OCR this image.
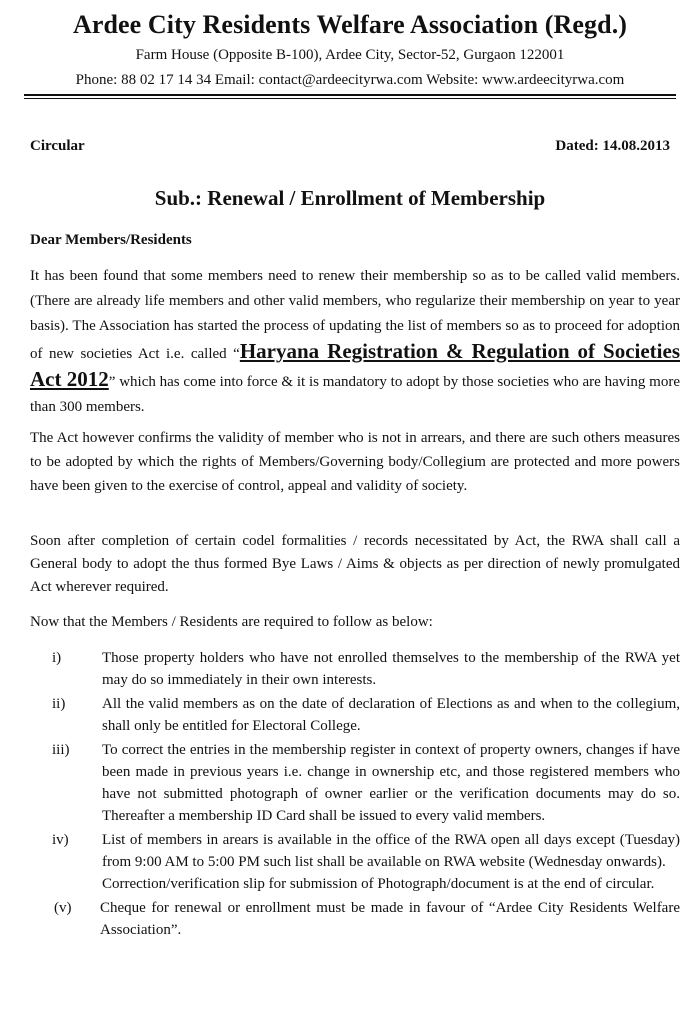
Ardee City Residents Welfare Association (Regd.)
Farm House (Opposite B-100), Ardee City, Sector-52, Gurgaon 122001
Phone: 88 02 17 14 34 Email: contact@ardeecityrwa.com Website: www.ardeecityrwa.com
Circular	Dated: 14.08.2013
Sub.: Renewal / Enrollment of Membership
Dear Members/Residents
It has been found that some members need to renew their membership so as to be called valid members. (There are already life members and other valid members, who regularize their membership on year to year basis). The Association has started the process of updating the list of members so as to proceed for adoption of new societies Act i.e. called “Haryana Registration & Regulation of Societies Act 2012” which has come into force & it is mandatory to adopt by those societies who are having more than 300 members.
The Act however confirms the validity of member who is not in arrears, and there are such others measures to be adopted by which the rights of Members/Governing body/Collegium are protected and more powers have been given to the exercise of control, appeal and validity of society.
Soon after completion of certain codel formalities / records necessitated by Act, the RWA shall call a General body to adopt the thus formed Bye Laws / Aims & objects as per direction of newly promulgated Act wherever required.
Now that the Members / Residents are required to follow as below:
i)	Those property holders who have not enrolled themselves to the membership of the RWA yet may do so immediately in their own interests.
ii) All the valid members as on the date of declaration of Elections as and when to the collegium, shall only be entitled for Electoral College.
iii) To correct the entries in the membership register in context of property owners, changes if have been made in previous years i.e. change in ownership etc, and those registered members who have not submitted photograph of owner earlier or the verification documents may do so. Thereafter a membership ID Card shall be issued to every valid members.
iv) List of members in arears is available in the office of the RWA open all days except (Tuesday) from 9:00 AM to 5:00 PM such list shall be available on RWA website (Wednesday onwards).
Correction/verification slip for submission of Photograph/document is at the end of circular.
(v) Cheque for renewal or enrollment must be made in favour of “Ardee City Residents Welfare Association”.
